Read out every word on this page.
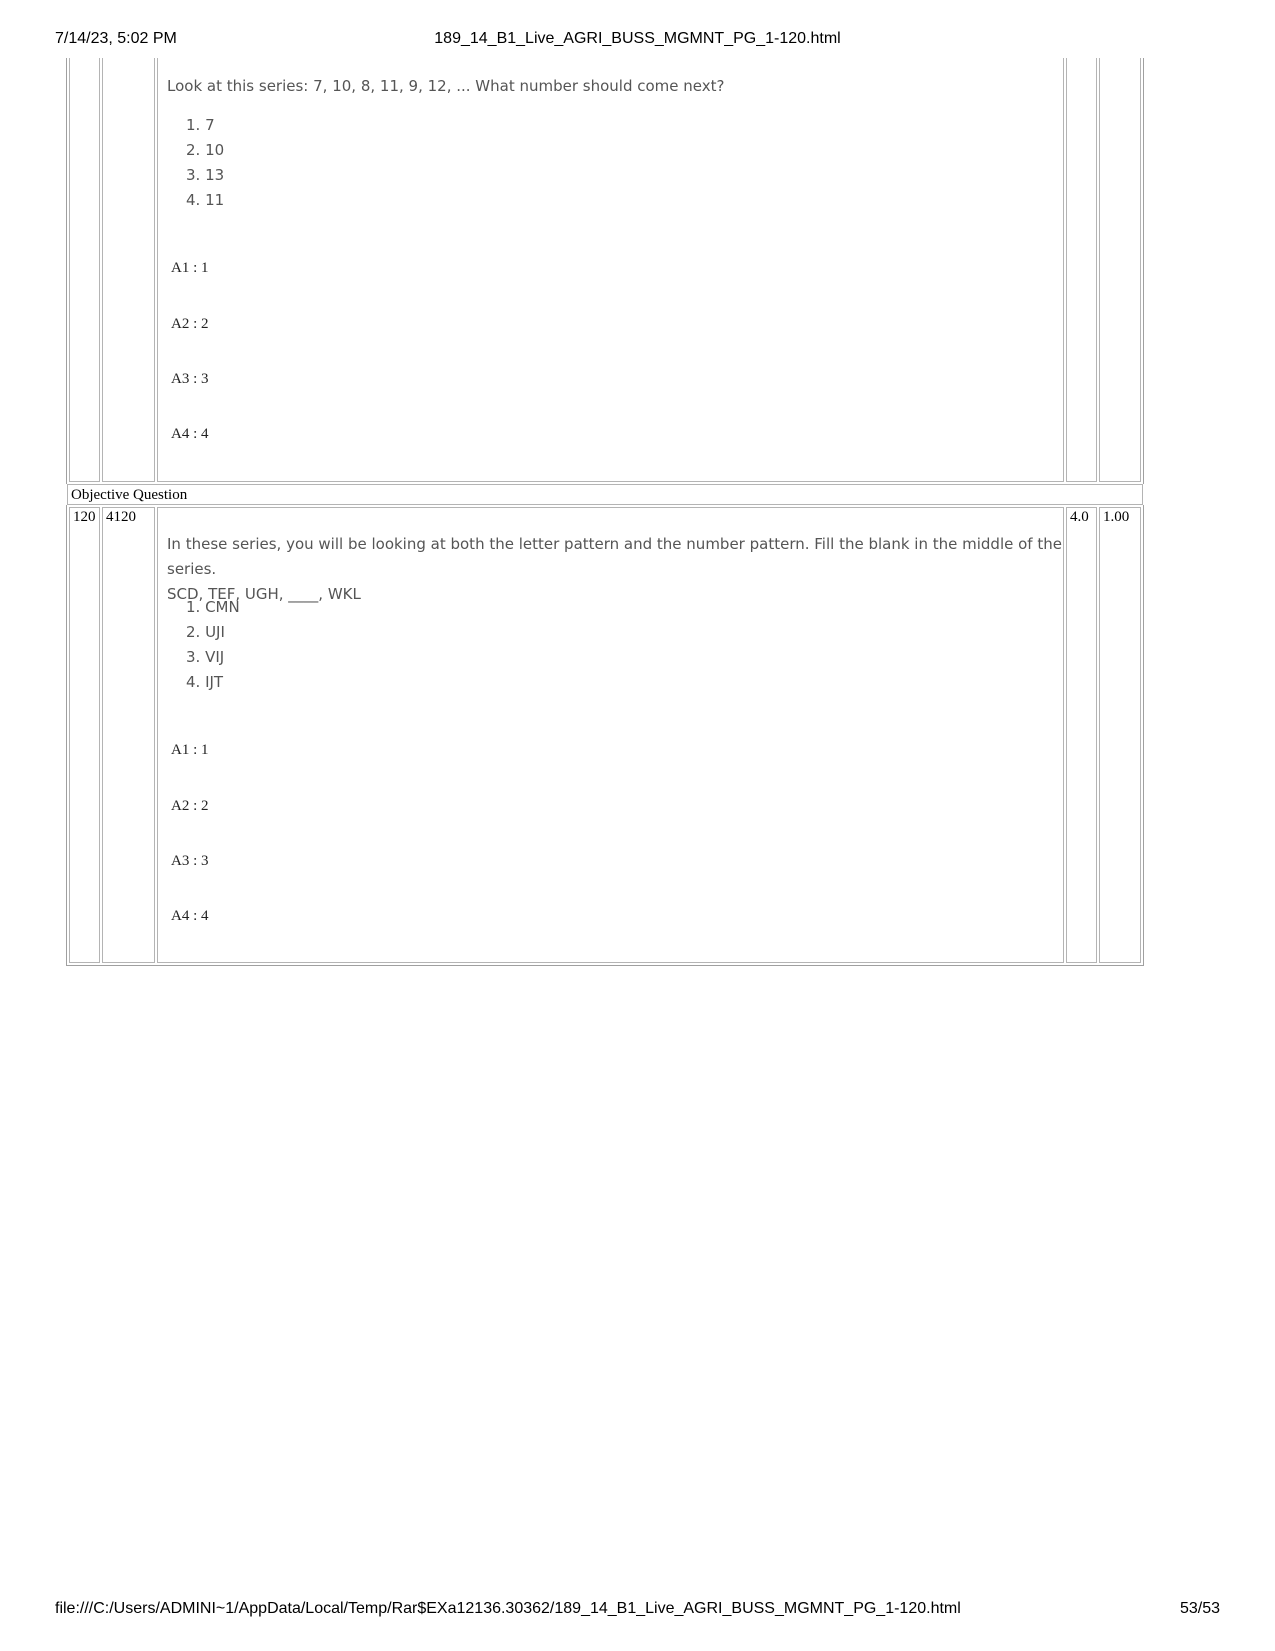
7/14/23, 5:02 PM	189_14_B1_Live_AGRI_BUSS_MGMNT_PG_1-120.html
Look at this series: 7, 10, 8, 11, 9, 12, ... What number should come next?
1. 7
2. 10
3. 13
4. 11
A1 : 1
A2 : 2
A3 : 3
A4 : 4
Objective Question
120 4120
In these series, you will be looking at both the letter pattern and the number pattern. Fill the blank in the middle of the series.
SCD, TEF, UGH, ____, WKL
1. CMN
2. UJI
3. VIJ
4. IJT
A1 : 1
A2 : 2
A3 : 3
A4 : 4
4.0 1.00
file:///C:/Users/ADMINI~1/AppData/Local/Temp/Rar$EXa12136.30362/189_14_B1_Live_AGRI_BUSS_MGMNT_PG_1-120.html	53/53
